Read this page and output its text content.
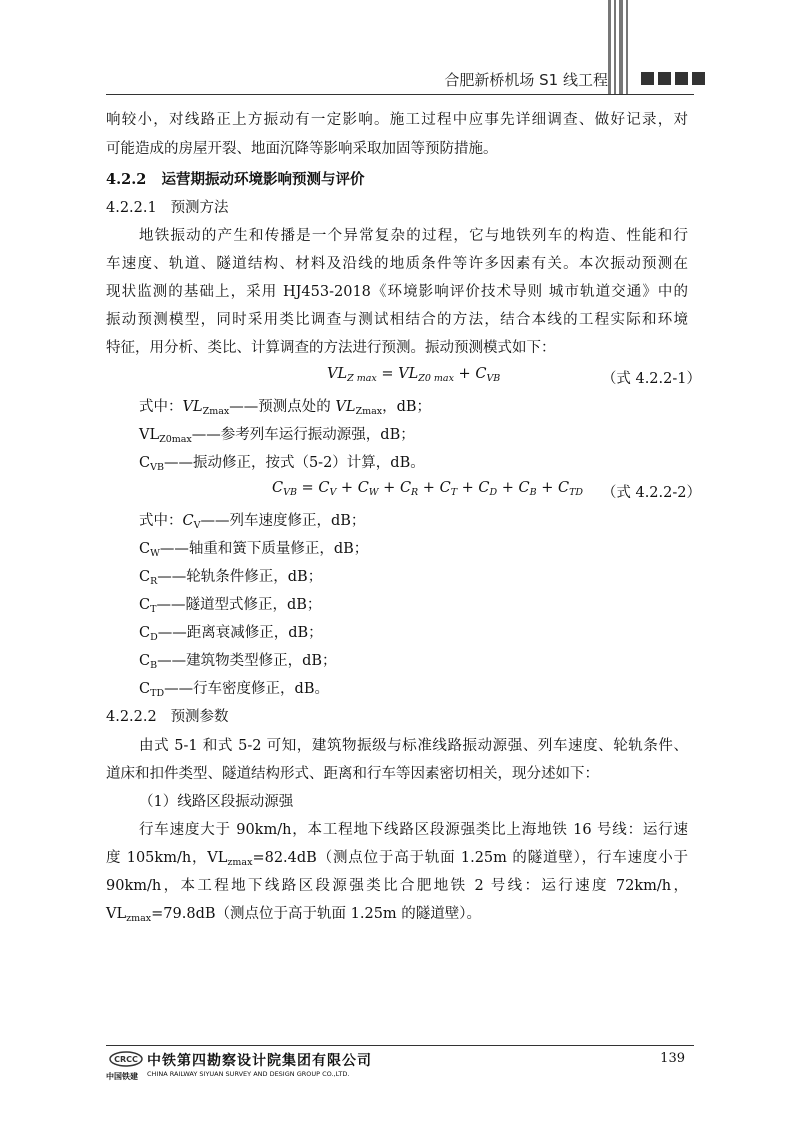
合肥新桥机场 S1 线工程
响较小，对线路正上方振动有一定影响。施工过程中应事先详细调查、做好记录，对
可能造成的房屋开裂、地面沉降等影响采取加固等预防措施。
4.2.2 运营期振动环境影响预测与评价
4.2.2.1 预测方法
地铁振动的产生和传播是一个异常复杂的过程，它与地铁列车的构造、性能和行
车速度、轨道、隧道结构、材料及沿线的地质条件等许多因素有关。本次振动预测在
现状监测的基础上，采用 HJ453-2018《环境影响评价技术导则 城市轨道交通》中的
振动预测模型，同时采用类比调查与测试相结合的方法，结合本线的工程实际和环境
特征，用分析、类比、计算调查的方法进行预测。振动预测模式如下：
$VL_{Z max} = VL_{Z0 max} + C_{VB}$	（式 4.2.2-1）
式中：$VL_{Zmax}——$预测点处的 $VL_{Zmax}$，dB；
$VL_{Z0max}——$参考列车运行振动源强，dB；
$C_{VB}——$振动修正，按式（5-2）计算，dB。
$C_{VB} = C_V + C_W + C_R + C_T + C_D + C_B + C_{TD}$ （式 4.2.2-2）
式中：$C_V——$列车速度修正，dB；
$C_W——$轴重和簧下质量修正，dB；
$C_R——$轮轨条件修正，dB；
$C_T——$隧道型式修正，dB；
$C_D——$距离衰减修正，dB；
$C_B——$建筑物类型修正，dB；
$C_{TD}——$行车密度修正，dB。
4.2.2.2 预测参数
由式 5-1 和式 5-2 可知，建筑物振级与标准线路振动源强、列车速度、轮轨条件、
道床和扣件类型、隧道结构形式、距离和行车等因素密切相关，现分述如下：
（1）线路区段振动源强
行车速度大于 90km/h，本工程地下线路区段源强类比上海地铁 16 号线：运行速
度 105km/h，$VL_{zmax}=82.4dB$（测点位于高于轨面 1.25m 的隧道壁），行车速度小于
90km/h，本工程地下线路区段源强类比合肥地铁 2 号线：运行速度 72km/h，
$VL_{zmax}=79.8dB$（测点位于高于轨面 1.25m 的隧道壁）。
CRCC
中国铁建
中铁第四勘察设计院集团有限公司
CHINA RAILWAY SIYUAN SURVEY AND DESIGN GROUP CO.,LTD.
139
